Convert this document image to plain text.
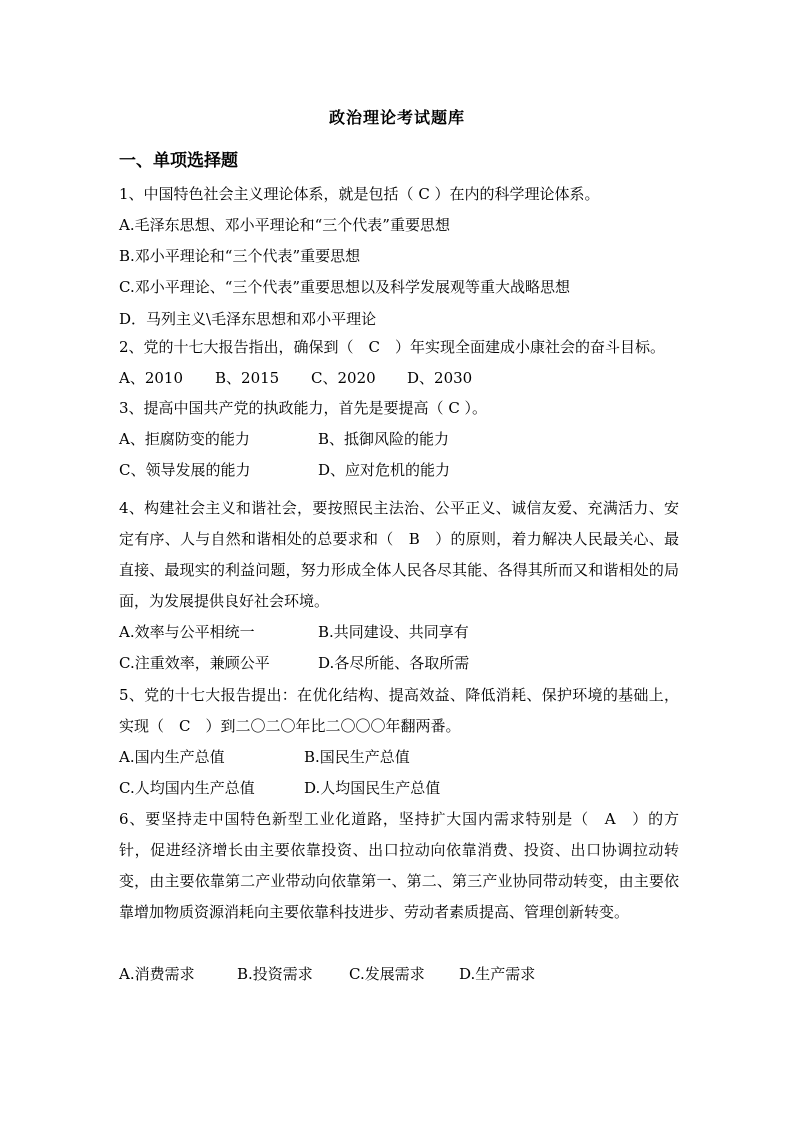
政治理论考试题库
一、单项选择题
1、中国特色社会主义理论体系，就是包括（ C ）在内的科学理论体系。
A.毛泽东思想、邓小平理论和“三个代表”重要思想
B.邓小平理论和“三个代表”重要思想
C.邓小平理论、“三个代表”重要思想以及科学发展观等重大战略思想
D．马列主义\毛泽东思想和邓小平理论
2、党的十七大报告指出，确保到（　C　）年实现全面建成小康社会的奋斗目标。
A、2010 B、2015 C、2020 D、2030
3、提高中国共产党的执政能力，首先是要提高（ C ）。
A、拒腐防变的能力	B、抵御风险的能力
C、领导发展的能力	D、应对危机的能力
4、构建社会主义和谐社会，要按照民主法治、公平正义、诚信友爱、充满活力、安定有序、人与自然和谐相处的总要求和（　B　）的原则，着力解决人民最关心、最直接、最现实的利益问题，努力形成全体人民各尽其能、各得其所而又和谐相处的局面，为发展提供良好社会环境。
A.效率与公平相统一	B.共同建设、共同享有
C.注重效率，兼顾公平	D.各尽所能、各取所需
5、党的十七大报告提出：在优化结构、提高效益、降低消耗、保护环境的基础上，实现（　C　）到二〇二〇年比二〇〇〇年翻两番。
A.国内生产总值	B.国民生产总值
C.人均国内生产总值	D.人均国民生产总值
6、要坚持走中国特色新型工业化道路，坚持扩大国内需求特别是（　A　）的方针，促进经济增长由主要依靠投资、出口拉动向依靠消费、投资、出口协调拉动转变，由主要依靠第二产业带动向依靠第一、第二、第三产业协同带动转变，由主要依靠增加物质资源消耗向主要依靠科技进步、劳动者素质提高、管理创新转变。
A.消费需求	B.投资需求 C.发展需求 D.生产需求
